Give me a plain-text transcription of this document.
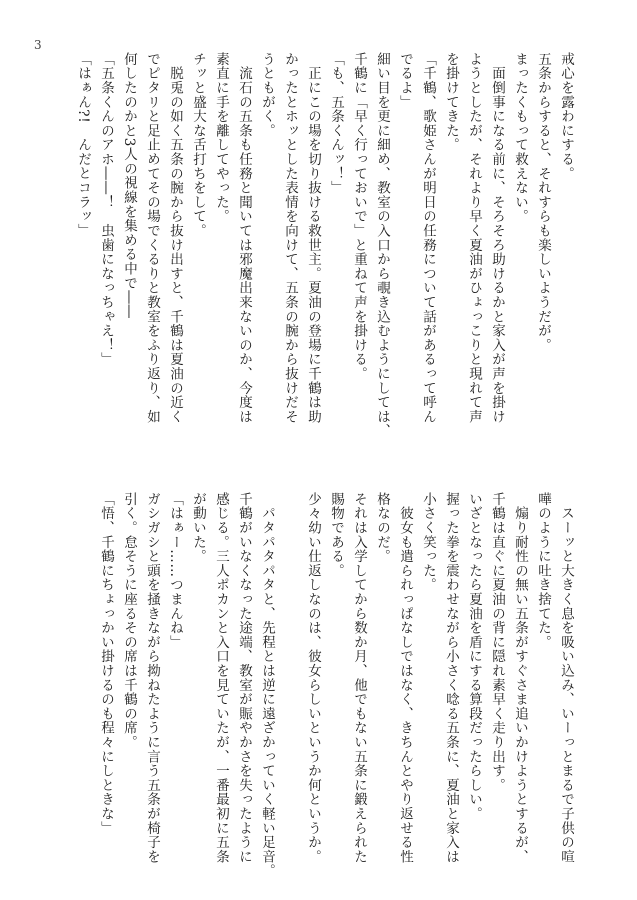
3
戒心を露わにする。
五条からすると、それすらも楽しいようだが。
まったくもって救えない。
　面倒事になる前に、そろそろ助けるかと家入が声を掛け
ようとしたが、それより早く夏油がひょっこりと現れて声
を掛けてきた。
「千鶴、歌姫さんが明日の任務について話があるって呼ん
でるよ」
細い目を更に細め、教室の入口から覗き込むようにしては、
千鶴に「早く行っておいで」と重ねて声を掛ける。
「も、五条くんッ！」
　正にこの場を切り抜ける救世主。夏油の登場に千鶴は助
かったとホッとした表情を向けて、五条の腕から抜けだそ
うともがく。
　流石の五条も任務と聞いては邪魔出来ないのか、今度は
素直に手を離してやった。
チッと盛大な舌打ちをして。
　脱兎の如く五条の腕から抜け出すと、千鶴は夏油の近く
でピタリと足止めてその場でくるりと教室をふり返り、如
何したのかと3人の視線を集める中で――
「五条くんのアホ――！　虫歯になっちゃえ！」
「はぁん?!　んだとコラッ」
　スーッと大きく息を吸い込み、いーっとまるで子供の喧
嘩のように吐き捨てた。
　煽り耐性の無い五条がすぐさま追いかけようとするが、
千鶴は直ぐに夏油の背に隠れ素早く走り出す。
いざとなったら夏油を盾にする算段だったらしい。
握った拳を震わせながら小さく唸る五条に、夏油と家入は
小さく笑った。
　彼女も遣られっぱなしではなく、きちんとやり返せる性
格なのだ。
それは入学してから数か月、他でもない五条に鍛えられた
賜物である。
少々幼い仕返しなのは、彼女らしいというか何というか。

　パタパタパタと、先程とは逆に遠ざかっていく軽い足音。
千鶴がいなくなった途端、教室が賑やかさを失ったように
感じる。三人ポカンと入口を見ていたが、一番最初に五条
が動いた。
「はぁー……つまんね」
ガシガシと頭を掻きながら拗ねたように言う五条が椅子を
引く。怠そうに座るその席は千鶴の席。
「悟、千鶴にちょっかい掛けるのも程々にしときな」
